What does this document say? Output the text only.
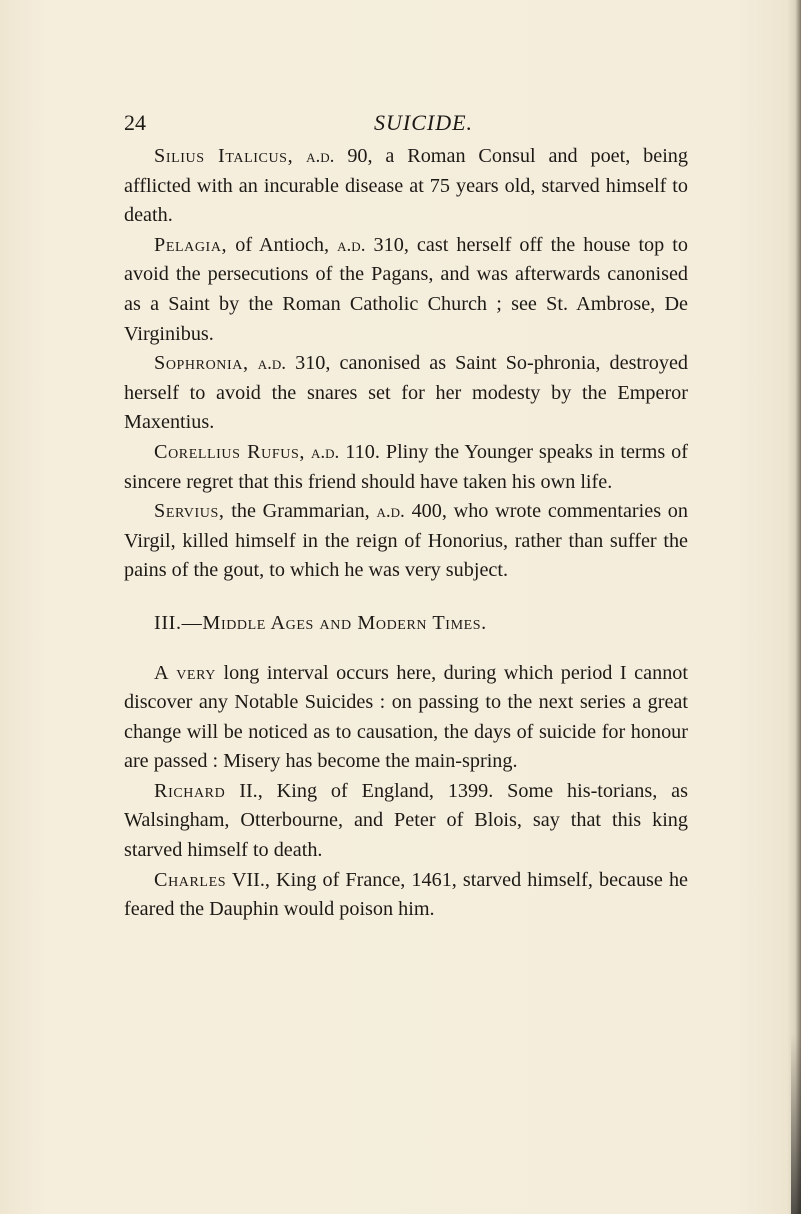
24	SUICIDE.

Silius Italicus, a.d. 90, a Roman Consul and poet, being afflicted with an incurable disease at 75 years old, starved himself to death.

Pelagia, of Antioch, a.d. 310, cast herself off the house top to avoid the persecutions of the Pagans, and was afterwards canonised as a Saint by the Roman Catholic Church ; see St. Ambrose, De Virginibus.

Sophronia, a.d. 310, canonised as Saint So-phronia, destroyed herself to avoid the snares set for her modesty by the Emperor Maxentius.

Corellius Rufus, a.d. 110. Pliny the Younger speaks in terms of sincere regret that this friend should have taken his own life.

Servius, the Grammarian, a.d. 400, who wrote commentaries on Virgil, killed himself in the reign of Honorius, rather than suffer the pains of the gout, to which he was very subject.

III.—Middle Ages and Modern Times.

A very long interval occurs here, during which period I cannot discover any Notable Suicides : on passing to the next series a great change will be noticed as to causation, the days of suicide for honour are passed : Misery has become the main-spring.

Richard II., King of England, 1399. Some his-torians, as Walsingham, Otterbourne, and Peter of Blois, say that this king starved himself to death.

Charles VII., King of France, 1461, starved himself, because he feared the Dauphin would poison him.
